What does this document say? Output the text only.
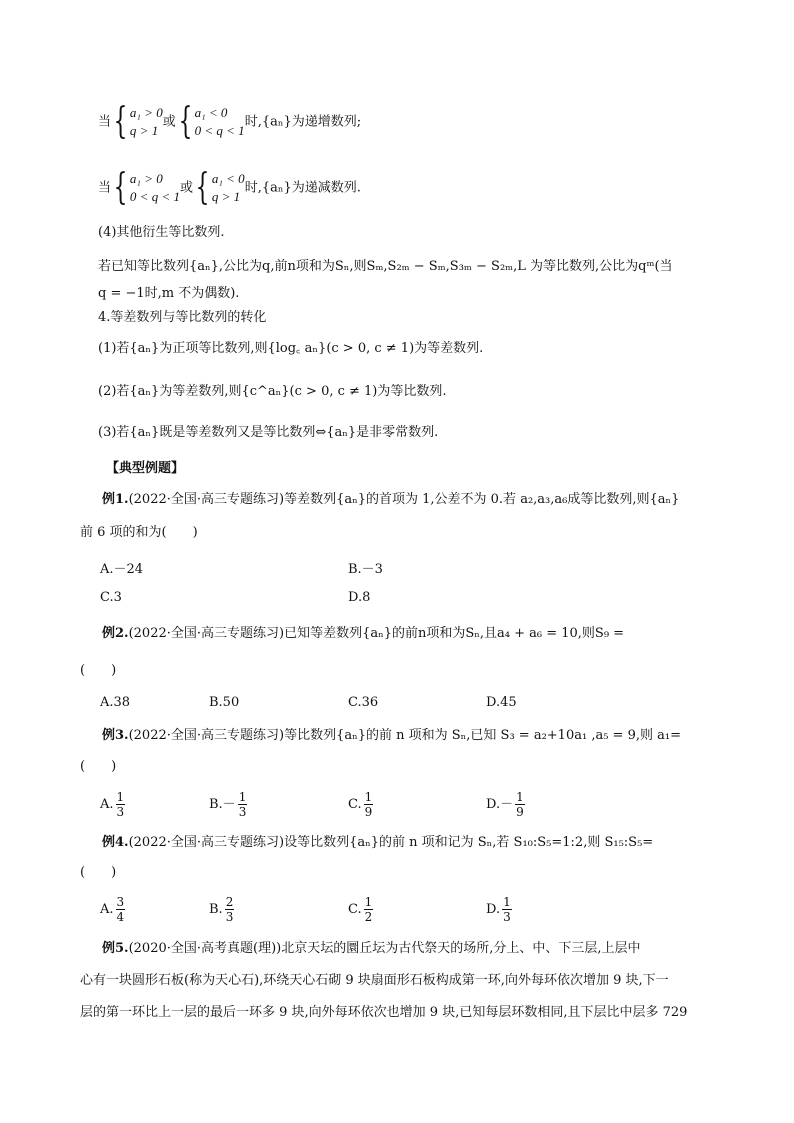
当 { a₁ > 0
q > 1
或 { a₁ < 0
0 < q < 1
时,{aₙ}为递增数列;
当 { a₁ > 0
0 < q < 1
或 { a₁ < 0
q > 1
时,{aₙ}为递减数列.
(4)其他衍生等比数列.
若已知等比数列{aₙ},公比为q,前n项和为Sₙ,则Sₘ,S₂ₘ − Sₘ,S₃ₘ − S₂ₘ,L 为等比数列,公比为qᵐ(当
q = −1时,m 不为偶数).
4.等差数列与等比数列的转化
(1)若{aₙ}为正项等比数列,则{log꜀ aₙ}(c > 0, c ≠ 1)为等差数列.
(2)若{aₙ}为等差数列,则{c^aₙ}(c > 0, c ≠ 1)为等比数列.
(3)若{aₙ}既是等差数列又是等比数列⇔{aₙ}是非零常数列.
【典型例题】
例1.(2022·全国·高三专题练习)等差数列{aₙ}的首项为 1,公差不为 0.若 a₂,a₃,a₆成等比数列,则{aₙ}
前 6 项的和为(　　)
A.－24	B.－3
C.3	D.8
例2.(2022·全国·高三专题练习)已知等差数列{aₙ}的前n项和为Sₙ,且a₄ + a₆ = 10,则S₉ =
(　　)
A.38	B.50	C.36	D.45
例3.(2022·全国·高三专题练习)等比数列{aₙ}的前 n 项和为 Sₙ,已知 S₃ = a₂+10a₁ ,a₅ = 9,则 a₁=
(　　)
A. $\frac{1}{3}$	$B.- \frac{1}{3}$	C. $\frac{1}{9}$	$D.- \frac{1}{9}$
例4.(2022·全国·高三专题练习)设等比数列{aₙ}的前 n 项和记为 Sₙ,若 S₁₀:S₅=1:2,则 S₁₅:S₅=
(　　)
A. $\frac{3}{4}$	B. $\frac{2}{3}$	C. $\frac{1}{2}$	D. $\frac{1}{3}$
例5.(2020·全国·高考真题(理))北京天坛的圜丘坛为古代祭天的场所,分上、中、下三层,上层中
心有一块圆形石板(称为天心石),环绕天心石砌 9 块扇面形石板构成第一环,向外每环依次增加 9 块,下一
层的第一环比上一层的最后一环多 9 块,向外每环依次也增加 9 块,已知每层环数相同,且下层比中层多 729
